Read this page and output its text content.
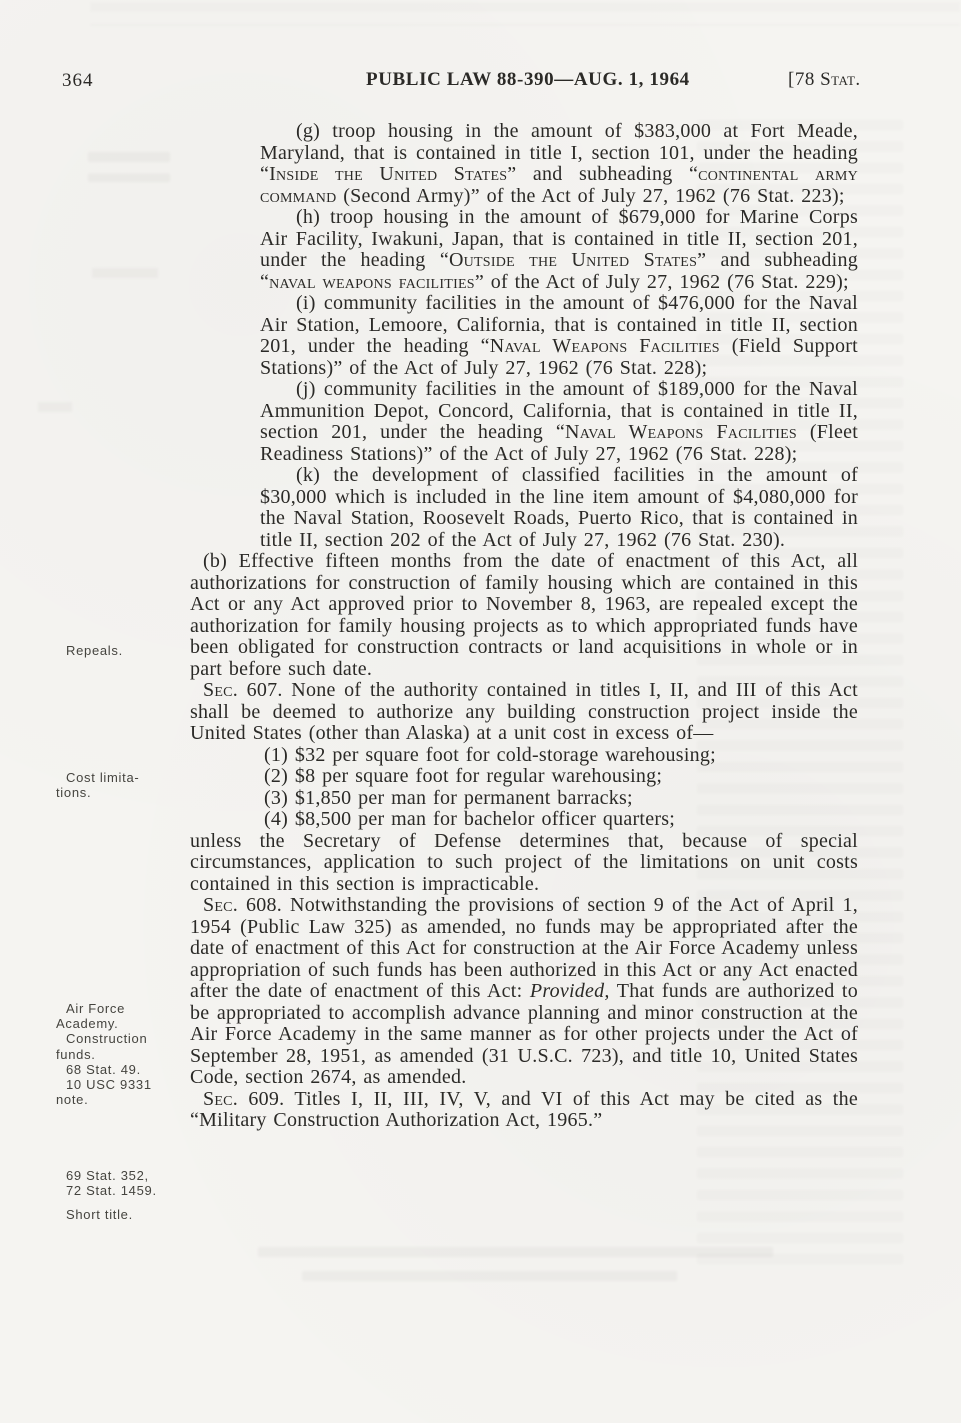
364	PUBLIC LAW 88-390—AUG. 1, 1964	[78 Stat.

(g) troop housing in the amount of $383,000 at Fort Meade, Maryland, that is contained in title I, section 101, under the heading “Inside the United States” and subheading “continental army command (Second Army)” of the Act of July 27, 1962 (76 Stat. 223);

(h) troop housing in the amount of $679,000 for Marine Corps Air Facility, Iwakuni, Japan, that is contained in title II, section 201, under the heading “Outside the United States” and subheading “naval weapons facilities” of the Act of July 27, 1962 (76 Stat. 229);

(i) community facilities in the amount of $476,000 for the Naval Air Station, Lemoore, California, that is contained in title II, section 201, under the heading “Naval Weapons Facilities (Field Support Stations)” of the Act of July 27, 1962 (76 Stat. 228);

(j) community facilities in the amount of $189,000 for the Naval Ammunition Depot, Concord, California, that is contained in title II, section 201, under the heading “Naval Weapons Facilities (Fleet Readiness Stations)” of the Act of July 27, 1962 (76 Stat. 228);

(k) the development of classified facilities in the amount of $30,000 which is included in the line item amount of $4,080,000 for the Naval Station, Roosevelt Roads, Puerto Rico, that is contained in title II, section 202 of the Act of July 27, 1962 (76 Stat. 230).

(b) Effective fifteen months from the date of enactment of this Act, all authorizations for construction of family housing which are contained in this Act or any Act approved prior to November 8, 1963, are repealed except the authorization for family housing projects as to which appropriated funds have been obligated for construction contracts or land acquisitions in whole or in part before such date.

Sec. 607. None of the authority contained in titles I, II, and III of this Act shall be deemed to authorize any building construction project inside the United States (other than Alaska) at a unit cost in excess of—

(1) $32 per square foot for cold-storage warehousing;

(2) $8 per square foot for regular warehousing;

(3) $1,850 per man for permanent barracks;

(4) $8,500 per man for bachelor officer quarters;

unless the Secretary of Defense determines that, because of special circumstances, application to such project of the limitations on unit costs contained in this section is impracticable.

Sec. 608. Notwithstanding the provisions of section 9 of the Act of April 1, 1954 (Public Law 325) as amended, no funds may be appropriated after the date of enactment of this Act for construction at the Air Force Academy unless appropriation of such funds has been authorized in this Act or any Act enacted after the date of enactment of this Act: Provided, That funds are authorized to be appropriated to accomplish advance planning and minor construction at the Air Force Academy in the same manner as for other projects under the Act of September 28, 1951, as amended (31 U.S.C. 723), and title 10, United States Code, section 2674, as amended.

Sec. 609. Titles I, II, III, IV, V, and VI of this Act may be cited as the “Military Construction Authorization Act, 1965.”

Repeals.
Cost limita-
tions.
Air Force
Academy.
Construction
funds.
68 Stat. 49.
10 USC 9331
note.
69 Stat. 352,
72 Stat. 1459.
Short title.
